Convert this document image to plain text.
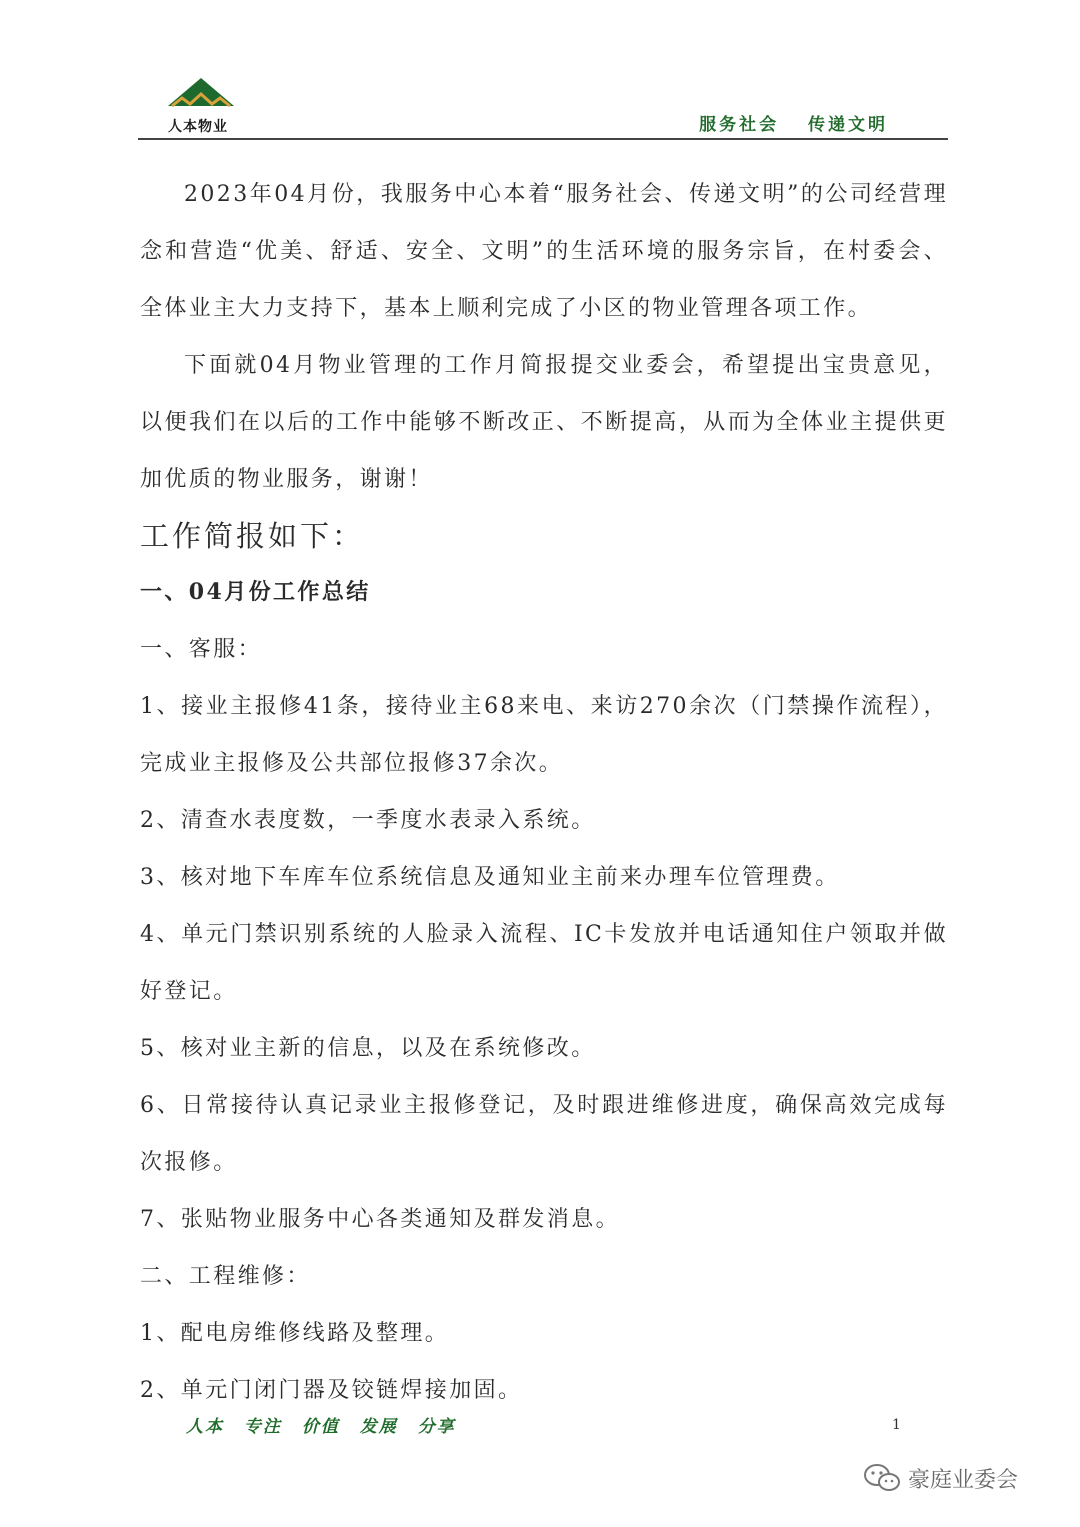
人本物业	服务社会 传递文明

2023年04月份，我服务中心本着“服务社会、传递文明”的公司经营理念和营造“优美、舒适、安全、文明”的生活环境的服务宗旨，在村委会、全体业主大力支持下，基本上顺利完成了小区的物业管理各项工作。

下面就04月物业管理的工作月简报提交业委会，希望提出宝贵意见，以便我们在以后的工作中能够不断改正、不断提高，从而为全体业主提供更加优质的物业服务，谢谢！

工作简报如下：

一、04月份工作总结

一、客服：

1、接业主报修41条，接待业主68来电、来访270余次（门禁操作流程），完成业主报修及公共部位报修37余次。

2、清查水表度数，一季度水表录入系统。

3、核对地下车库车位系统信息及通知业主前来办理车位管理费。

4、单元门禁识别系统的人脸录入流程、IC卡发放并电话通知住户领取并做好登记。

5、核对业主新的信息，以及在系统修改。

6、日常接待认真记录业主报修登记，及时跟进维修进度，确保高效完成每次报修。

7、张贴物业服务中心各类通知及群发消息。

二、工程维修：

1、配电房维修线路及整理。

2、单元门闭门器及铰链焊接加固。

人本 专注 价值 发展 分享	1
豪庭业委会
